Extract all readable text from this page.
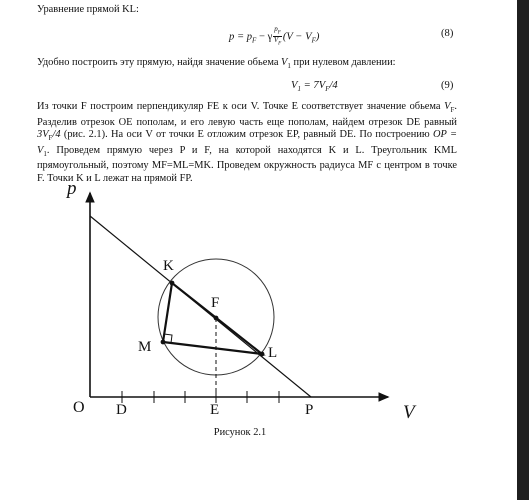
Уравнение прямой KL:
$p = p_F - \gamma \frac{p_F}{V_F} (V - V_F)$	(8)
Удобно построить эту прямую, найдя значение обьема $V_1$ при нулевом давлении:
$V_1 = 7V_F/4$	(9)
Из точки F построим перпендикуляр FE к оси V. Точке E соответствует значение обьема $V_F$. Разделив отрезок OE пополам, и его левую часть еще пополам, найдем отрезок DE равный $3V_F/4$ (рис. 2.1). На оси V от точки E отложим отрезок EP, равный DE. По построению OP = $V_1$. Проведем прямую через P и F, на которой находятся K и L. Треугольник KML прямоугольный, поэтому MF=ML=MK. Проведем окружность радиуса MF с центром в точке F. Точки K и L лежат на прямой FP.
p
V
O D	E	P
K
F
M	L
Рисунок 2.1
